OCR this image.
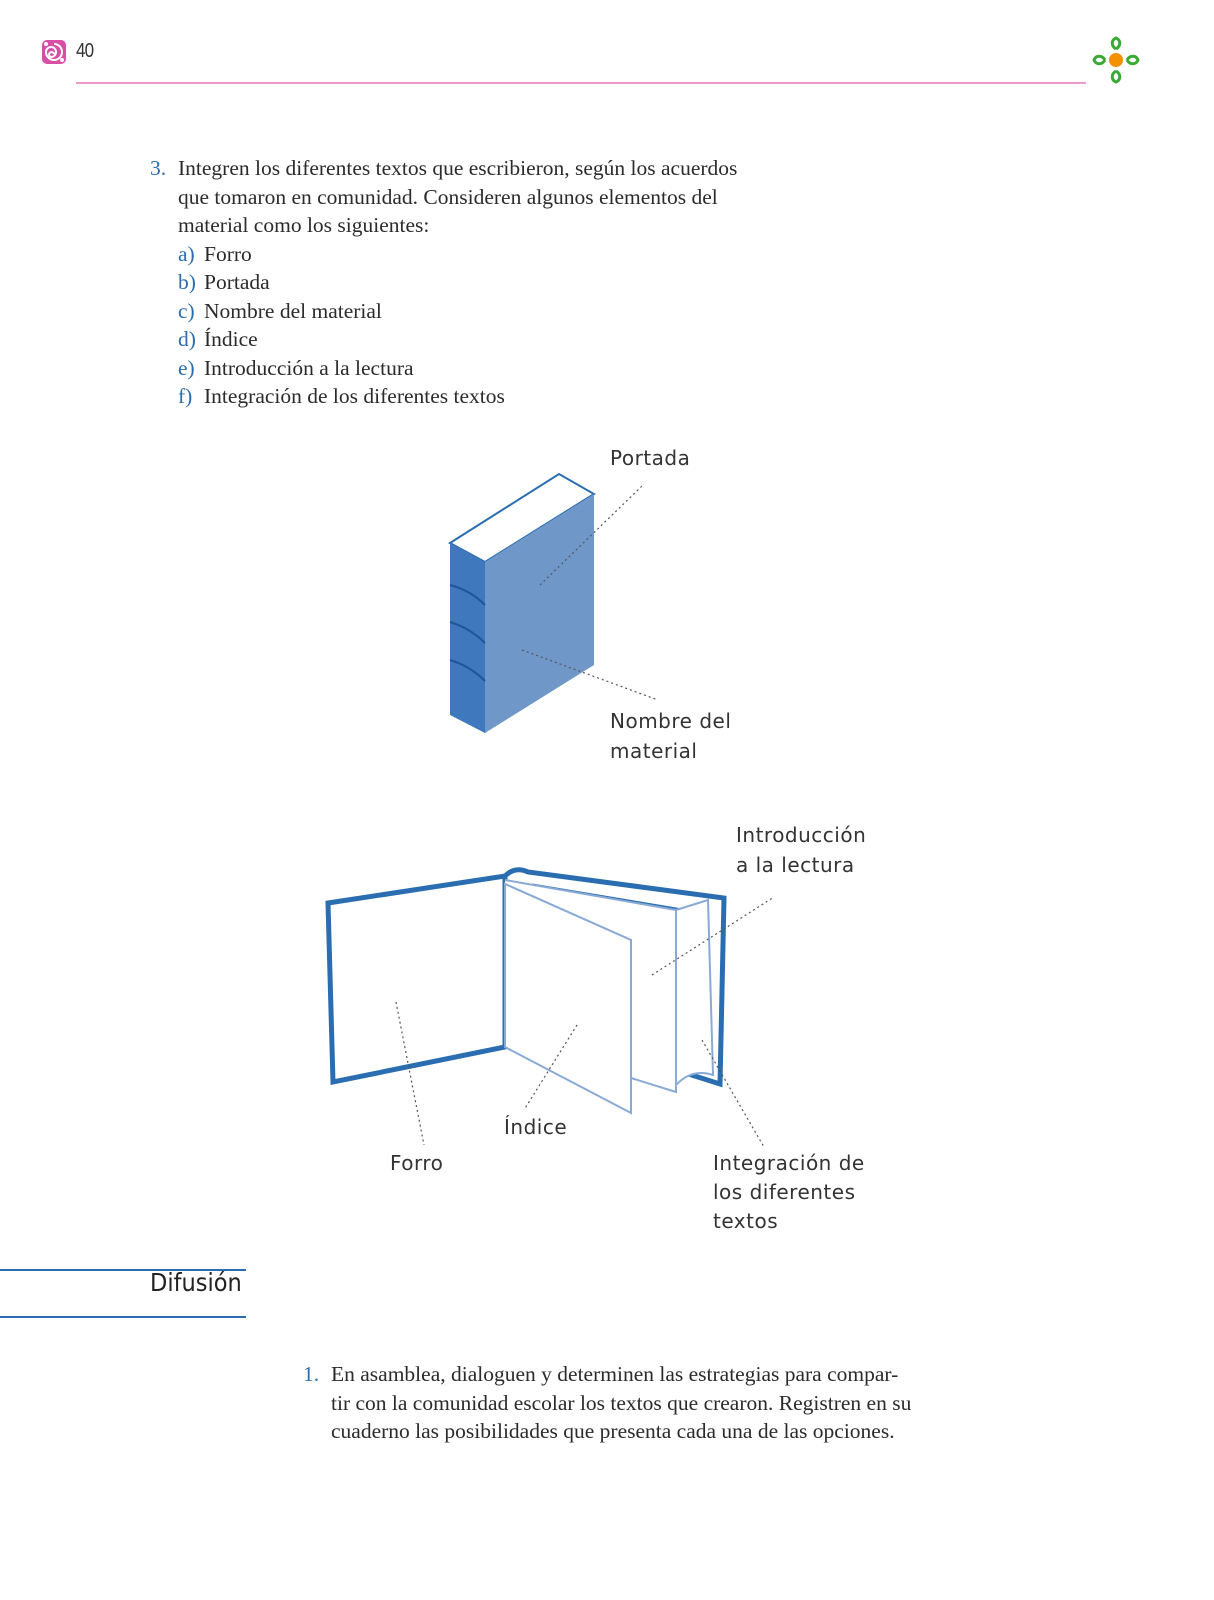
40
3. Integren los diferentes textos que escribieron, según los acuerdos
que tomaron en comunidad. Consideren algunos elementos del
material como los siguientes:
a) Forro
b) Portada
c) Nombre del material
d) Índice
e) Introducción a la lectura
f) Integración de los diferentes textos
Portada
Nombre del
material
Introducción
a la lectura
Índice
Forro	Integración de
los diferentes
textos
Difusión
1. En asamblea, dialoguen y determinen las estrategias para compar-
tir con la comunidad escolar los textos que crearon. Registren en su
cuaderno las posibilidades que presenta cada una de las opciones.
